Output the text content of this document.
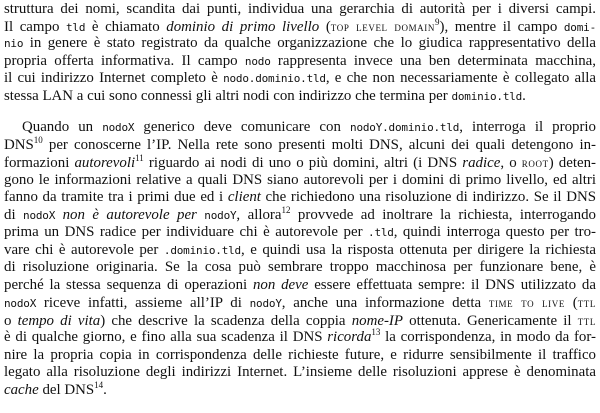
struttura dei nomi, scandita dai punti, individua una gerarchia di autorità per i diversi campi.
Il campo tld è chiamato dominio di primo livello (top level domain$^9$), mentre il campo domi-
nio in genere è stato registrato da qualche organizzazione che lo giudica rappresentativo della
propria offerta informativa. Il campo nodo rappresenta invece una ben determinata macchina,
il cui indirizzo Internet completo è nodo.dominio.tld, e che non necessariamente è collegato alla
stessa LAN a cui sono connessi gli altri nodi con indirizzo che termina per dominio.tld.
Quando un nodoX generico deve comunicare con nodoY.dominio.tld, interroga il proprio
DNS$^{10}$ per conoscerne l’IP. Nella rete sono presenti molti DNS, alcuni dei quali detengono in-
formazioni autorevoli$^{11}$ riguardo ai nodi di uno o più domini, altri (i DNS radice, o root) deten-
gono le informazioni relative a quali DNS siano autorevoli per i domini di primo livello, ed altri
fanno da tramite tra i primi due ed i client che richiedono una risoluzione di indirizzo. Se il DNS
di nodoX non è autorevole per nodoY, allora$^{12}$ provvede ad inoltrare la richiesta, interrogando
prima un DNS radice per individuare chi è autorevole per .tld, quindi interroga questo per tro-
vare chi è autorevole per .dominio.tld, e quindi usa la risposta ottenuta per dirigere la richiesta
di risoluzione originaria. Se la cosa può sembrare troppo macchinosa per funzionare bene, è
perché la stessa sequenza di operazioni non deve essere effettuata sempre: il DNS utilizzato da
nodoX riceve infatti, assieme all’IP di nodoY, anche una informazione detta time to live (ttl
o tempo di vita) che descrive la scadenza della coppia nome-IP ottenuta. Genericamente il ttl
è di qualche giorno, e fino alla sua scadenza il DNS ricorda$^{13}$ la corrispondenza, in modo da for-
nire la propria copia in corrispondenza delle richieste future, e ridurre sensibilmente il traffico
legato alla risoluzione degli indirizzi Internet. L’insieme delle risoluzioni apprese è denominata
cache del DNS$^{14}$.
